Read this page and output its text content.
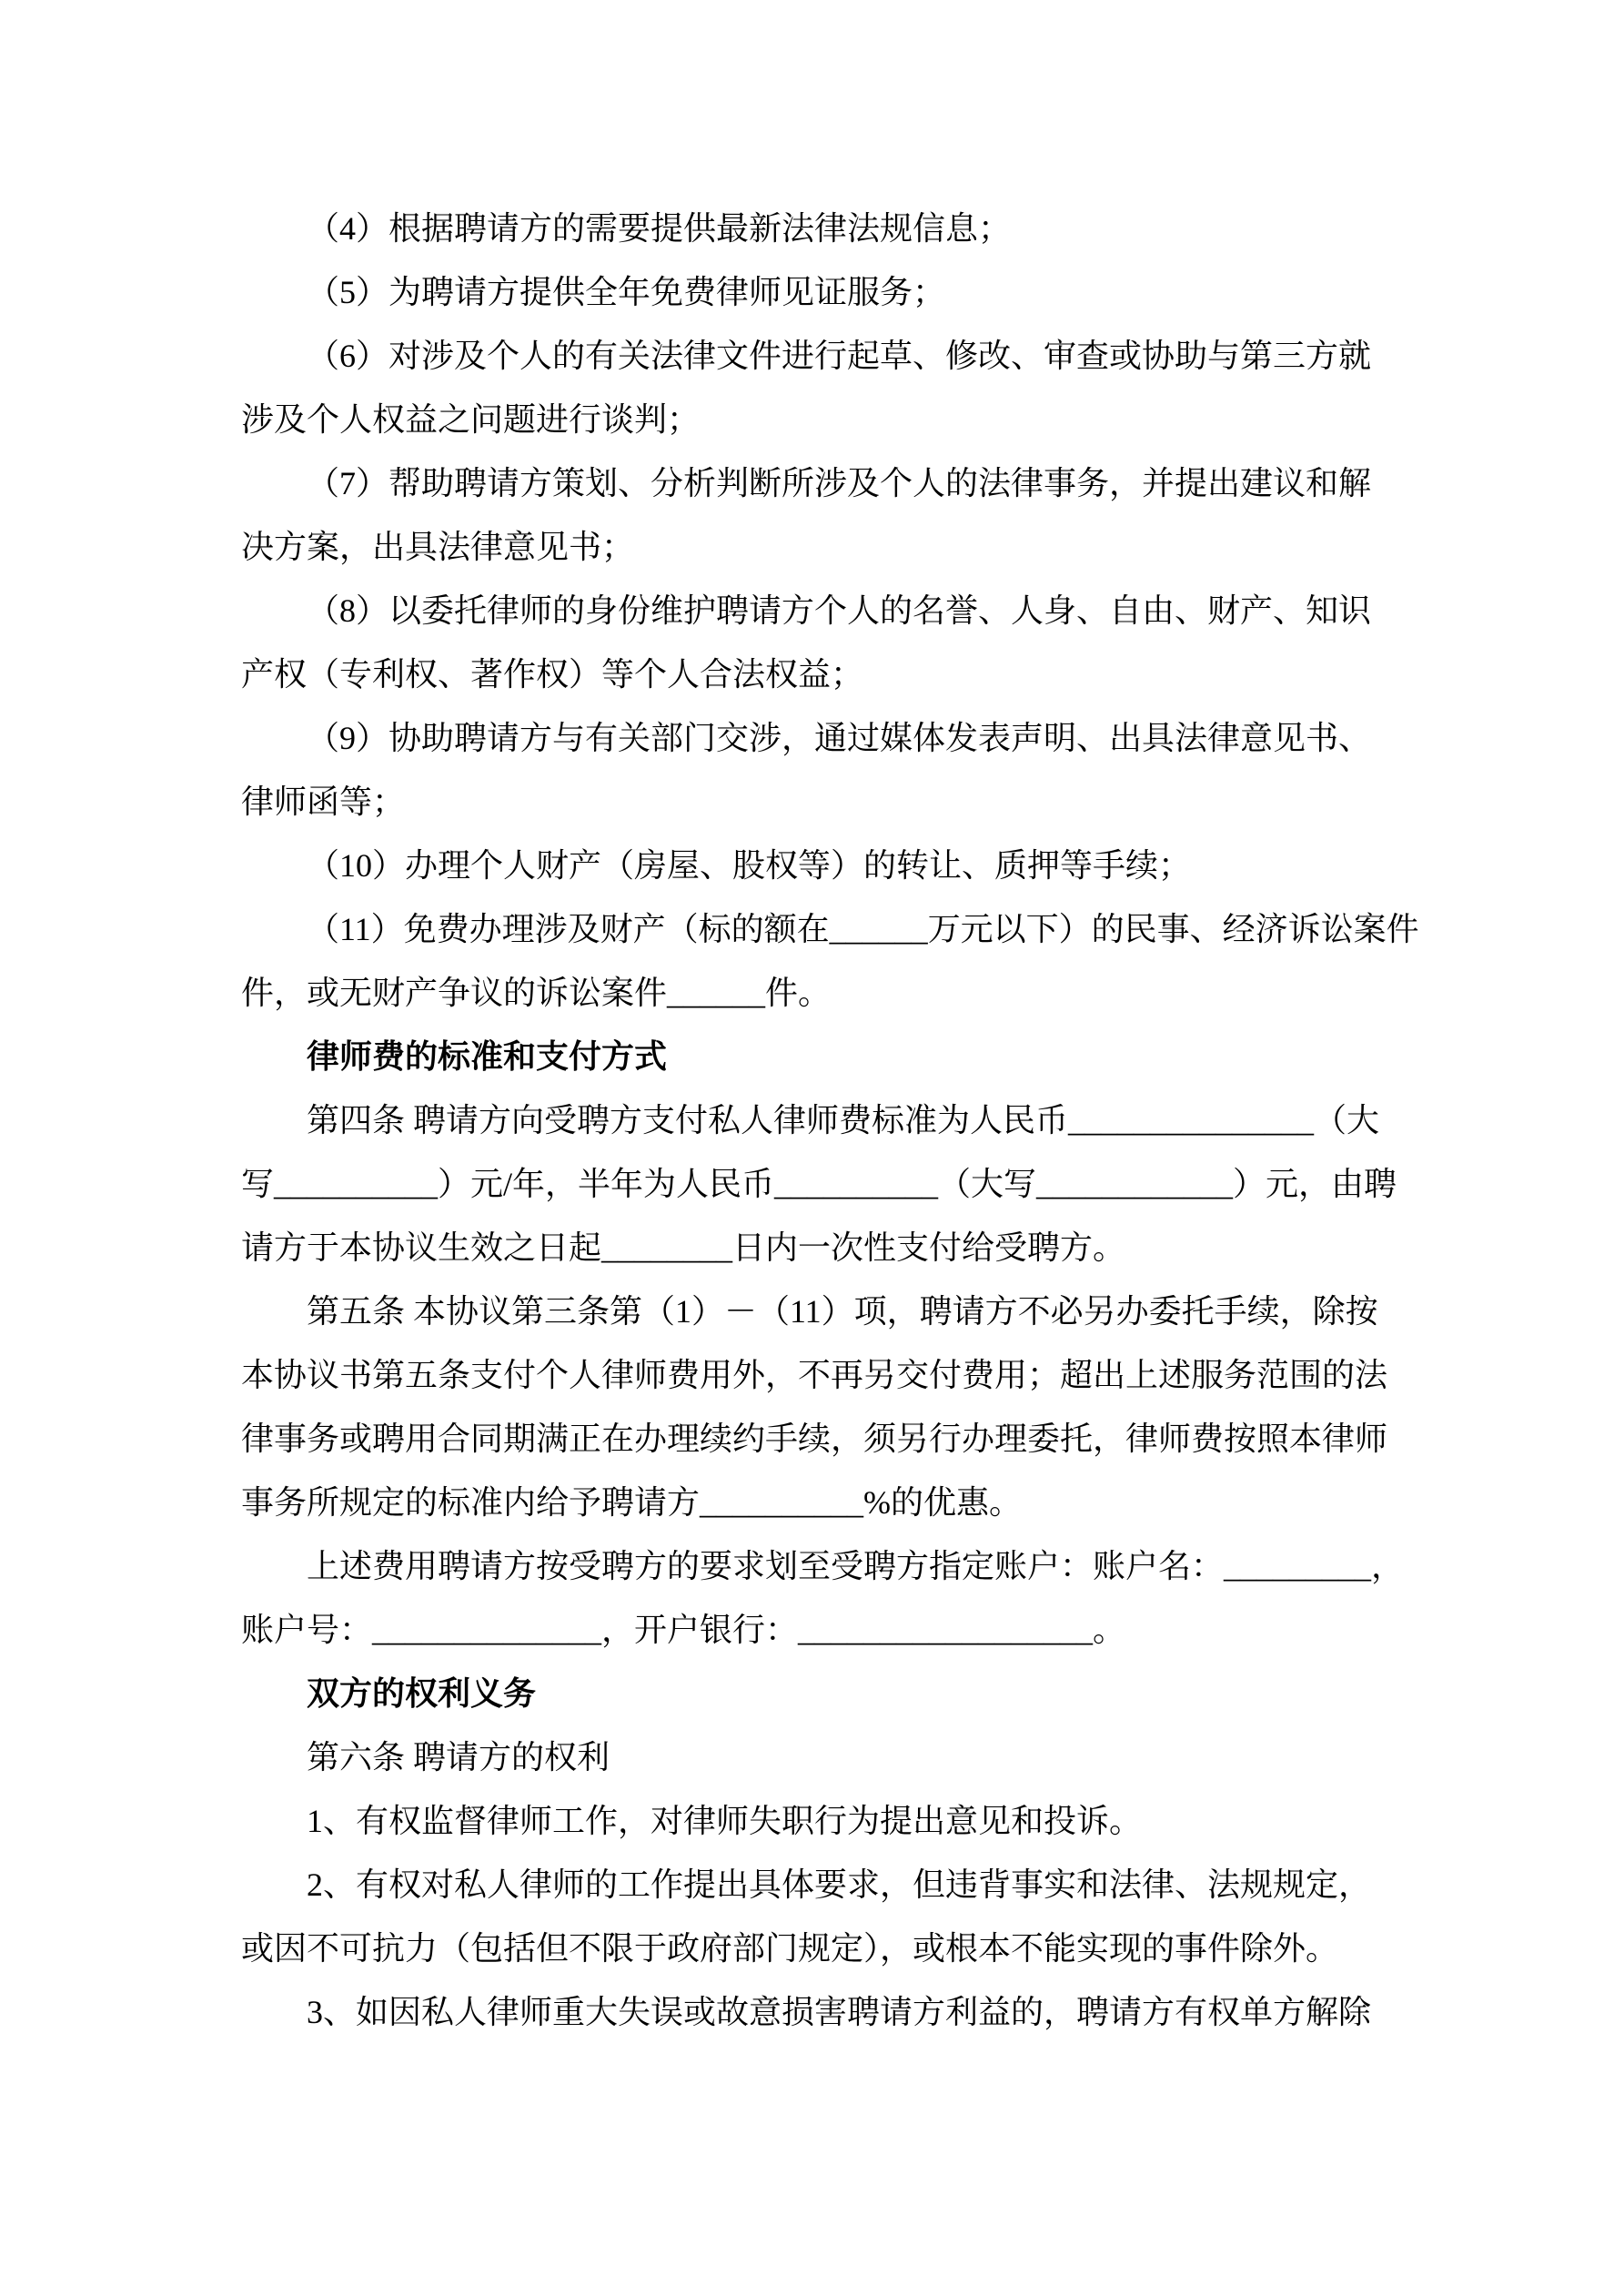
（4）根据聘请方的需要提供最新法律法规信息；
（5）为聘请方提供全年免费律师见证服务；
（6）对涉及个人的有关法律文件进行起草、修改、审查或协助与第三方就
涉及个人权益之问题进行谈判；
（7）帮助聘请方策划、分析判断所涉及个人的法律事务，并提出建议和解
决方案，出具法律意见书；
（8）以委托律师的身份维护聘请方个人的名誉、人身、自由、财产、知识
产权（专利权、著作权）等个人合法权益；
（9）协助聘请方与有关部门交涉，通过媒体发表声明、出具法律意见书、
律师函等；
（10）办理个人财产（房屋、股权等）的转让、质押等手续；
（11）免费办理涉及财产（标的额在______万元以下）的民事、经济诉讼案件
件，或无财产争议的诉讼案件______件。
律师费的标准和支付方式
第四条 聘请方向受聘方支付私人律师费标准为人民币_______________（大
写__________）元/年，半年为人民币__________（大写____________）元，由聘
请方于本协议生效之日起________日内一次性支付给受聘方。
第五条 本协议第三条第（1）－（11）项，聘请方不必另办委托手续，除按
本协议书第五条支付个人律师费用外，不再另交付费用；超出上述服务范围的法
律事务或聘用合同期满正在办理续约手续，须另行办理委托，律师费按照本律师
事务所规定的标准内给予聘请方__________%的优惠。
上述费用聘请方按受聘方的要求划至受聘方指定账户：账户名：_________，
账户号：______________，开户银行：__________________。
双方的权利义务
第六条 聘请方的权利
1、有权监督律师工作，对律师失职行为提出意见和投诉。
2、有权对私人律师的工作提出具体要求，但违背事实和法律、法规规定，
或因不可抗力（包括但不限于政府部门规定），或根本不能实现的事件除外。
3、如因私人律师重大失误或故意损害聘请方利益的，聘请方有权单方解除
